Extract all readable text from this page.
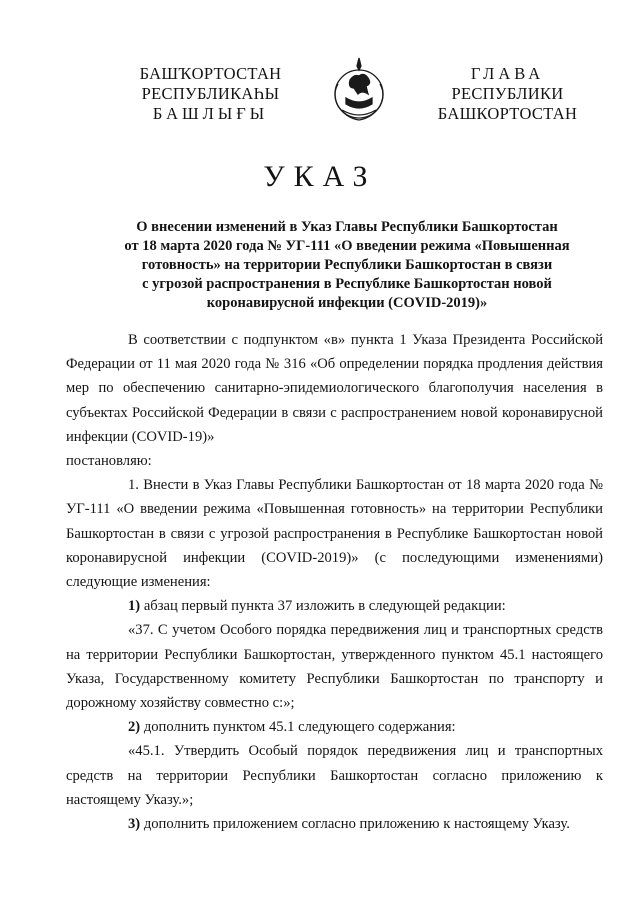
БАШҠОРТОСТАН
РЕСПУБЛИКАҺЫ
БАШЛЫҒЫ
ГЛАВА
РЕСПУБЛИКИ
БАШКОРТОСТАН
УКАЗ
О внесении изменений в Указ Главы Республики Башкортостан
от 18 марта 2020 года № УГ-111 «О введении режима «Повышенная
готовность» на территории Республики Башкортостан в связи
с угрозой распространения в Республике Башкортостан новой
коронавирусной инфекции (COVID-2019)»

В соответствии с подпунктом «в» пункта 1 Указа Президента Российской Федерации от 11 мая 2020 года № 316 «Об определении порядка продления действия мер по обеспечению санитарно-эпидемиологического благополучия населения в субъектах Российской Федерации в связи с распространением новой коронавирусной инфекции (COVID-19)»

постановляю:

1. Внести в Указ Главы Республики Башкортостан от 18 марта 2020 года № УГ-111 «О введении режима «Повышенная готовность» на территории Республики Башкортостан в связи с угрозой распространения в Республике Башкортостан новой коронавирусной инфекции (COVID-2019)» (с последующими изменениями) следующие изменения:

1) абзац первый пункта 37 изложить в следующей редакции:

«37. С учетом Особого порядка передвижения лиц и транспортных средств на территории Республики Башкортостан, утвержденного пунктом 45.1 настоящего Указа, Государственному комитету Республики Башкортостан по транспорту и дорожному хозяйству совместно с:»;

2) дополнить пунктом 45.1 следующего содержания:

«45.1. Утвердить Особый порядок передвижения лиц и транспортных средств на территории Республики Башкортостан согласно приложению к настоящему Указу.»;

3) дополнить приложением согласно приложению к настоящему Указу.
